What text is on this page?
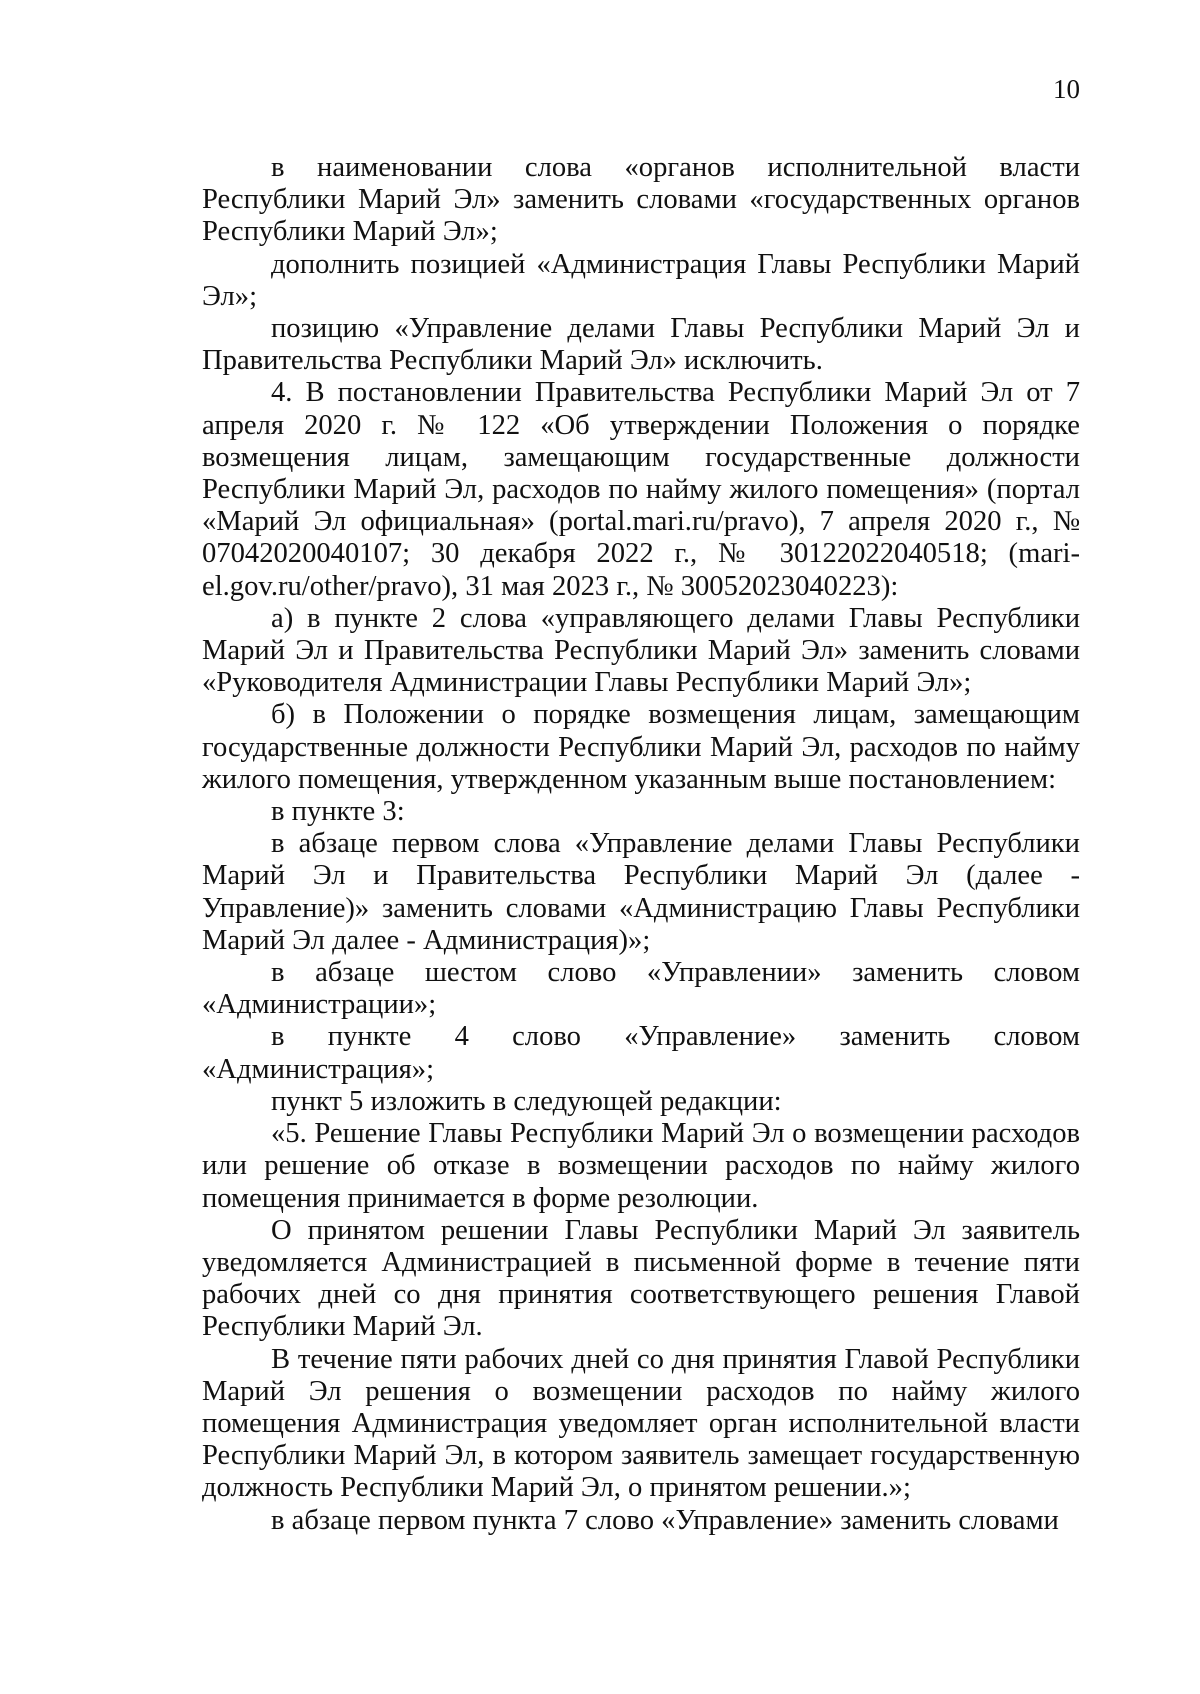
10

в наименовании слова «органов исполнительной власти Республики Марий Эл» заменить словами «государственных органов Республики Марий Эл»;

дополнить позицией «Администрация Главы Республики Марий Эл»;

позицию «Управление делами Главы Республики Марий Эл и Правительства Республики Марий Эл» исключить.

4. В постановлении Правительства Республики Марий Эл от 7 апреля 2020 г. № 122 «Об утверждении Положения о порядке возмещения лицам, замещающим государственные должности Республики Марий Эл, расходов по найму жилого помещения» (портал «Марий Эл официальная» (portal.mari.ru/pravo), 7 апреля 2020 г., № 07042020040107; 30 декабря 2022 г., № 30122022040518; (mari-el.gov.ru/other/pravo), 31 мая 2023 г., № 30052023040223):

а) в пункте 2 слова «управляющего делами Главы Республики Марий Эл и Правительства Республики Марий Эл» заменить словами «Руководителя Администрации Главы Республики Марий Эл»;

б) в Положении о порядке возмещения лицам, замещающим государственные должности Республики Марий Эл, расходов по найму жилого помещения, утвержденном указанным выше постановлением:

в пункте 3:

в абзаце первом слова «Управление делами Главы Республики Марий Эл и Правительства Республики Марий Эл (далее - Управление)» заменить словами «Администрацию Главы Республики Марий Эл далее - Администрация)»;

в абзаце шестом слово «Управлении» заменить словом «Администрации»;

в пункте 4 слово «Управление» заменить словом «Администрация»;

пункт 5 изложить в следующей редакции:

«5. Решение Главы Республики Марий Эл о возмещении расходов или решение об отказе в возмещении расходов по найму жилого помещения принимается в форме резолюции.

О принятом решении Главы Республики Марий Эл заявитель уведомляется Администрацией в письменной форме в течение пяти рабочих дней со дня принятия соответствующего решения Главой Республики Марий Эл.

В течение пяти рабочих дней со дня принятия Главой Республики Марий Эл решения о возмещении расходов по найму жилого помещения Администрация уведомляет орган исполнительной власти Республики Марий Эл, в котором заявитель замещает государственную должность Республики Марий Эл, о принятом решении.»;

в абзаце первом пункта 7 слово «Управление» заменить словами
